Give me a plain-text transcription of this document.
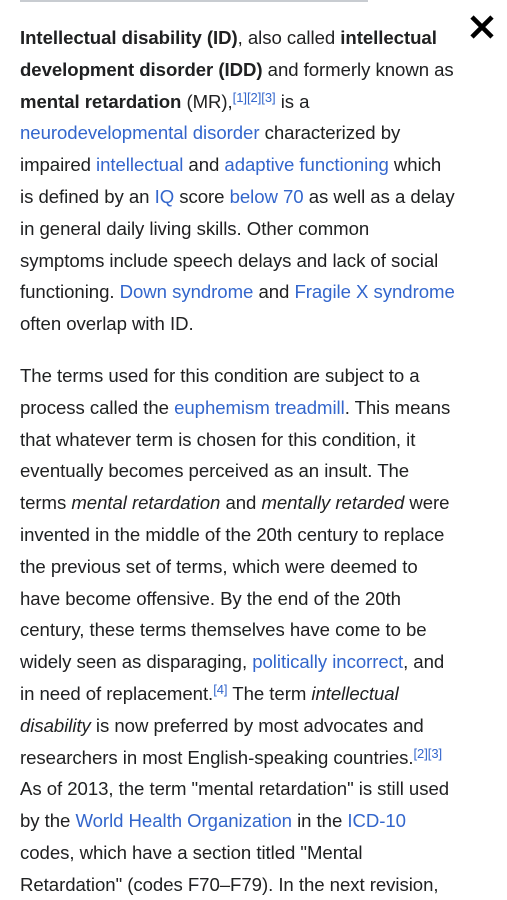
Intellectual disability (ID), also called intellectual
development disorder (IDD) and formerly known as
mental retardation (MR),[1][2][3] is a
neurodevelopmental disorder characterized by
impaired intellectual and adaptive functioning which
is defined by an IQ score below 70 as well as a delay
in general daily living skills. Other common
symptoms include speech delays and lack of social
functioning. Down syndrome and Fragile X syndrome
often overlap with ID.

The terms used for this condition are subject to a
process called the euphemism treadmill. This means
that whatever term is chosen for this condition, it
eventually becomes perceived as an insult. The
terms mental retardation and mentally retarded were
invented in the middle of the 20th century to replace
the previous set of terms, which were deemed to
have become offensive. By the end of the 20th
century, these terms themselves have come to be
widely seen as disparaging, politically incorrect, and
in need of replacement.[4] The term intellectual
disability is now preferred by most advocates and
researchers in most English-speaking countries.[2][3]
As of 2013, the term "mental retardation" is still used
by the World Health Organization in the ICD-10
codes, which have a section titled "Mental
Retardation" (codes F70–F79). In the next revision,
